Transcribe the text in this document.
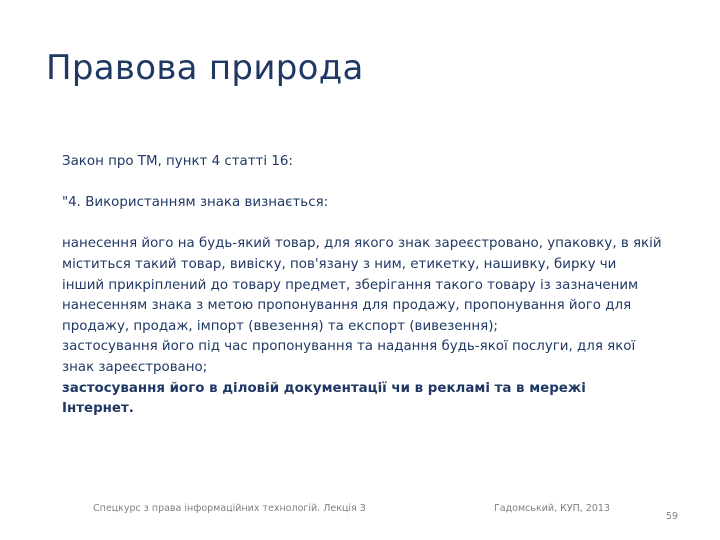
Правова природа

Закон про ТМ, пункт 4 статті 16:

"4. Використанням знака визнається:

нанесення його на будь-який товар, для якого знак зареєстровано, упаковку, в якій міститься такий товар, вивіску, пов'язану з ним, етикетку, нашивку, бирку чи інший прикріплений до товару предмет, зберігання такого товару із зазначеним нанесенням знака з метою пропонування для продажу, пропонування його для продажу, продаж, імпорт (ввезення) та експорт (вивезення);

застосування його під час пропонування та надання будь-якої послуги, для якої знак зареєстровано;

застосування його в діловій документації чи в рекламі та в мережі Інтернет.

Спецкурс з права інформаційних технологій. Лекція 3	Гадомський, КУП, 2013
59
